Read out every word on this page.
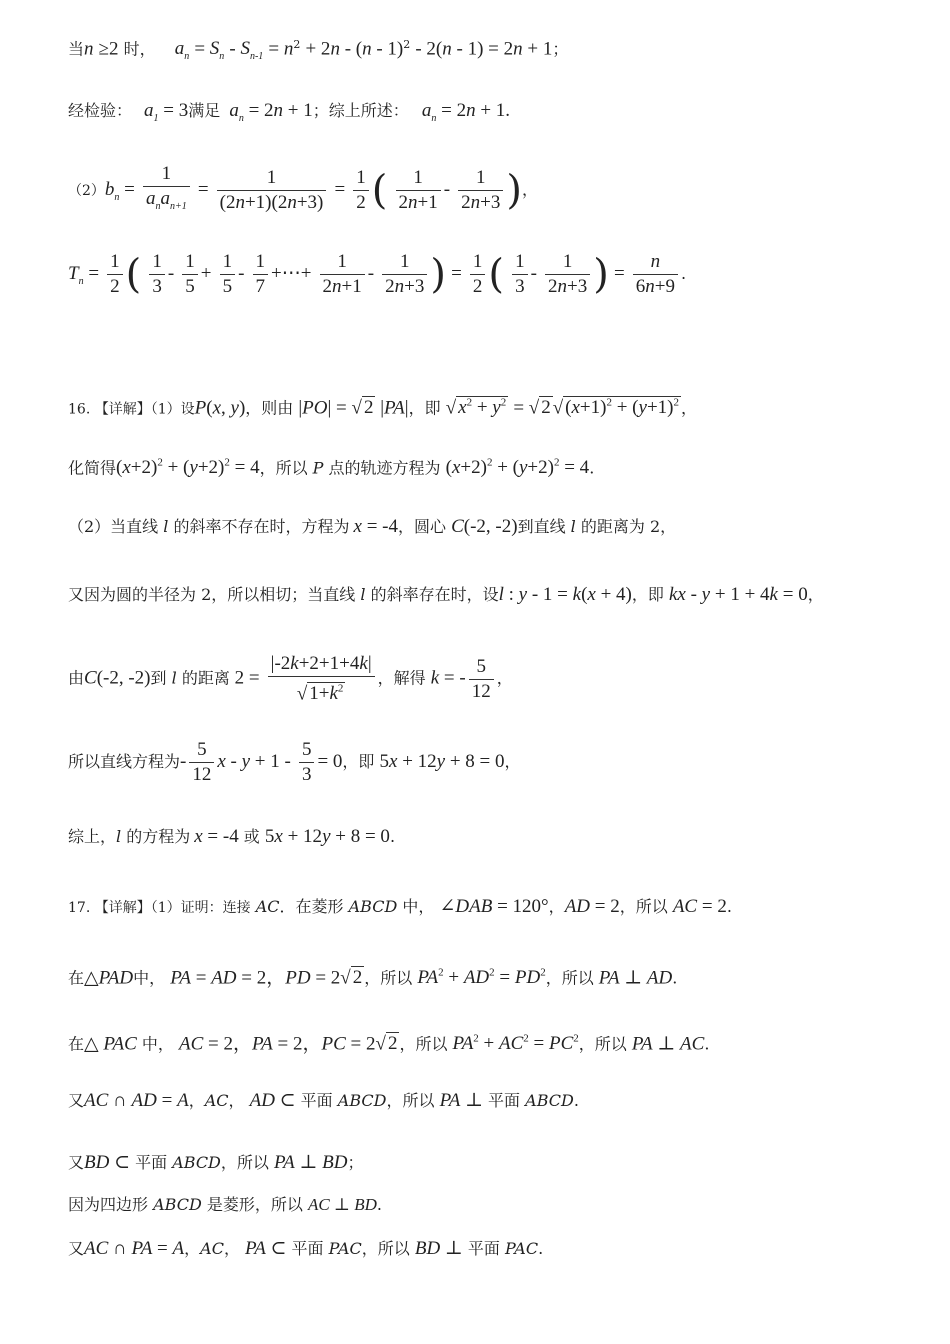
当n ≥2 时， $a_n = S_n - S_{n-1} = n^2 + 2n - (n - 1)^2 - 2(n - 1) = 2n + 1$；
经检验： $a_1 = 3$满足 $a_n = 2n + 1$；综上所述： $a_n = 2n + 1$.
$(2)b_n = \frac{1}{a_na_{n+1}} = \frac{1}{(2n+1)(2n+3)} = \frac{1}{2}$ ( $\frac{1}{2n+1} - \frac{1}{2n+3}$ )，
$T_n = \frac{1}{2}$ ( $\frac{1}{3} - \frac{1}{5} + \frac{1}{5} - \frac{1}{7}$ +⋯+ $\frac{1}{2n+1} - \frac{1}{2n+3}$ ) = $\frac{1}{2}$ ( $\frac{1}{3} - \frac{1}{2n+3}$ ) = $\frac{n}{6n+9}$ .
16. 【详解】（1）设P(x, y)，则由 |PO| = √ 2 |PA|，即 √ $x^2 + y^2$ = √ 2 √ $(x+1)^2 + (y+1)^2$ ，
化简得$(x+2)^2 + (y+2)^2 = 4$，所以 P 点的轨迹方程为 $(x+2)^2 + (y+2)^2 = 4$.
（2）当直线 l 的斜率不存在时，方程为 x = -4，圆心 C(-2, -2)到直线 l 的距离为 2，
又因为圆的半径为 2，所以相切；当直线 l 的斜率存在时，设l : y - 1 = k(x + 4)，即 kx - y + 1 + 4k = 0，
由C(-2, -2)到 l 的距离 $2 = \frac{|-2k+2+1+4k|}{√ 1+k^2}$ ，解得 k = - $\frac{5}{12}$ ，
所以直线方程为- $\frac{5}{12}$ $x - y + 1 - \frac{5}{3} = 0$，即 5x + 12y + 8 = 0，
综上，l 的方程为 x = -4 或 5x + 12y + 8 = 0.
17. 【详解】（1）证明：连接 AC．在菱形 ABCD 中， ∠DAB = 120°，AD = 2，所以 AC = 2.
在△PAD中， PA = AD = 2，PD = 2√ 2 ，所以 $PA^2 + AD^2 = PD^2$，所以 PA ⊥ AD.
在△ PAC 中， AC = 2，PA = 2，PC = 2√ 2 ，所以 $PA^2 + AC^2 = PC^2$，所以 PA ⊥ AC.
又AC ∩ AD = A，AC， AD ⊂ 平面 ABCD，所以 PA ⊥ 平面 ABCD.
又BD ⊂ 平面 ABCD，所以 PA ⊥ BD；
因为四边形 ABCD 是菱形，所以 AC ⊥ BD.
又AC ∩ PA = A，AC， PA ⊂ 平面 PAC，所以 BD ⊥ 平面 PAC.
